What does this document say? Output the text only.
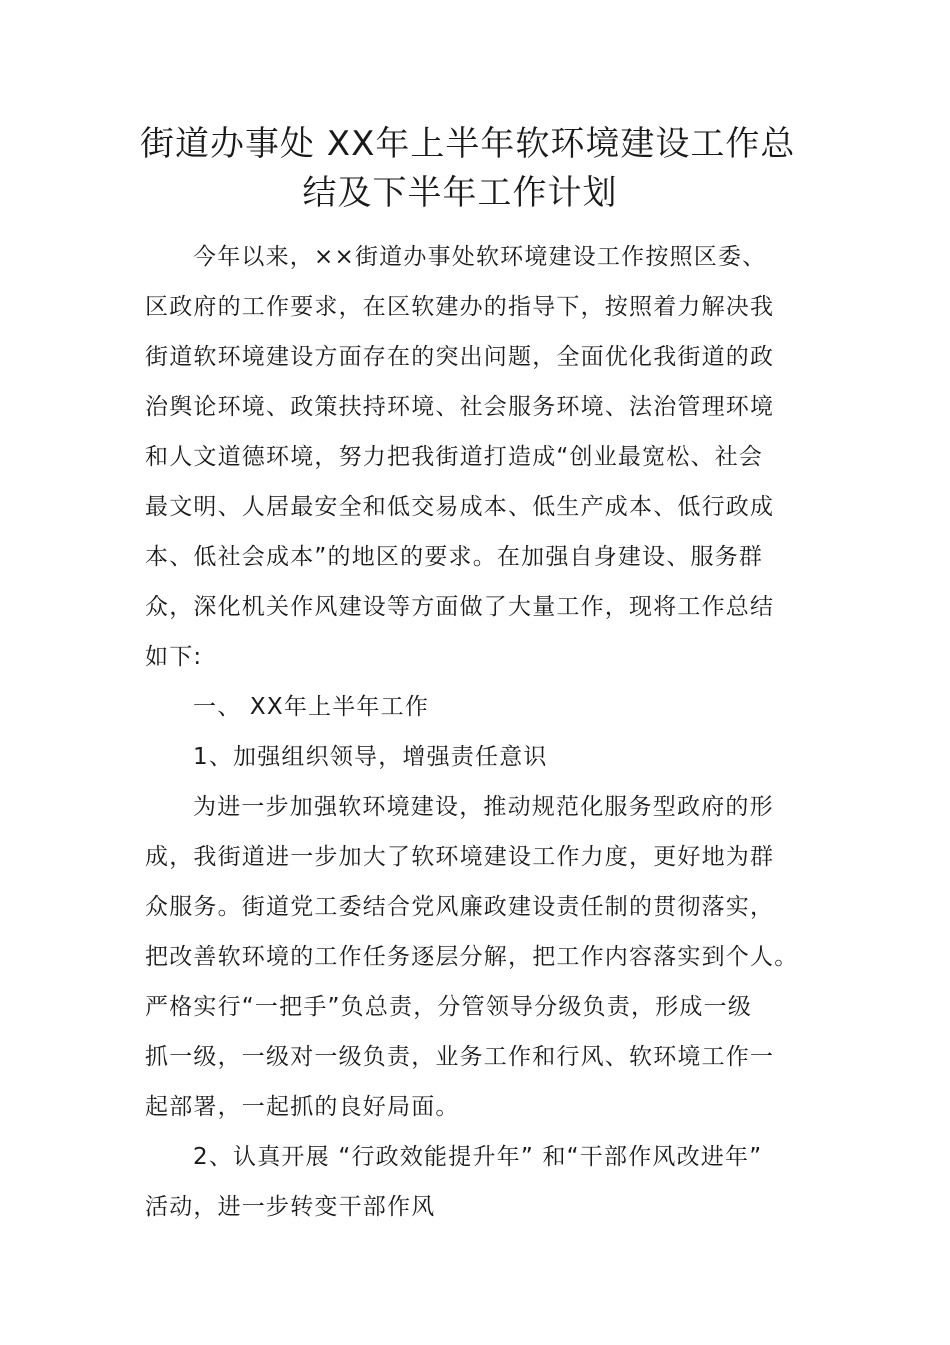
街道办事处 XX年上半年软环境建设工作总
结及下半年工作计划
今年以来，××街道办事处软环境建设工作按照区委、
区政府的工作要求，在区软建办的指导下，按照着力解决我
街道软环境建设方面存在的突出问题，全面优化我街道的政
治舆论环境、政策扶持环境、社会服务环境、法治管理环境
和人文道德环境，努力把我街道打造成“创业最宽松、社会
最文明、人居最安全和低交易成本、低生产成本、低行政成
本、低社会成本”的地区的要求。在加强自身建设、服务群
众，深化机关作风建设等方面做了大量工作，现将工作总结
如下:
一、 XX年上半年工作
1、加强组织领导，增强责任意识
为进一步加强软环境建设，推动规范化服务型政府的形
成，我街道进一步加大了软环境建设工作力度，更好地为群
众服务。街道党工委结合党风廉政建设责任制的贯彻落实，
把改善软环境的工作任务逐层分解，把工作内容落实到个人。
严格实行“一把手”负总责，分管领导分级负责，形成一级
抓一级，一级对一级负责，业务工作和行风、软环境工作一
起部署，一起抓的良好局面。
2、认真开展 “行政效能提升年” 和“干部作风改进年”
活动，进一步转变干部作风
